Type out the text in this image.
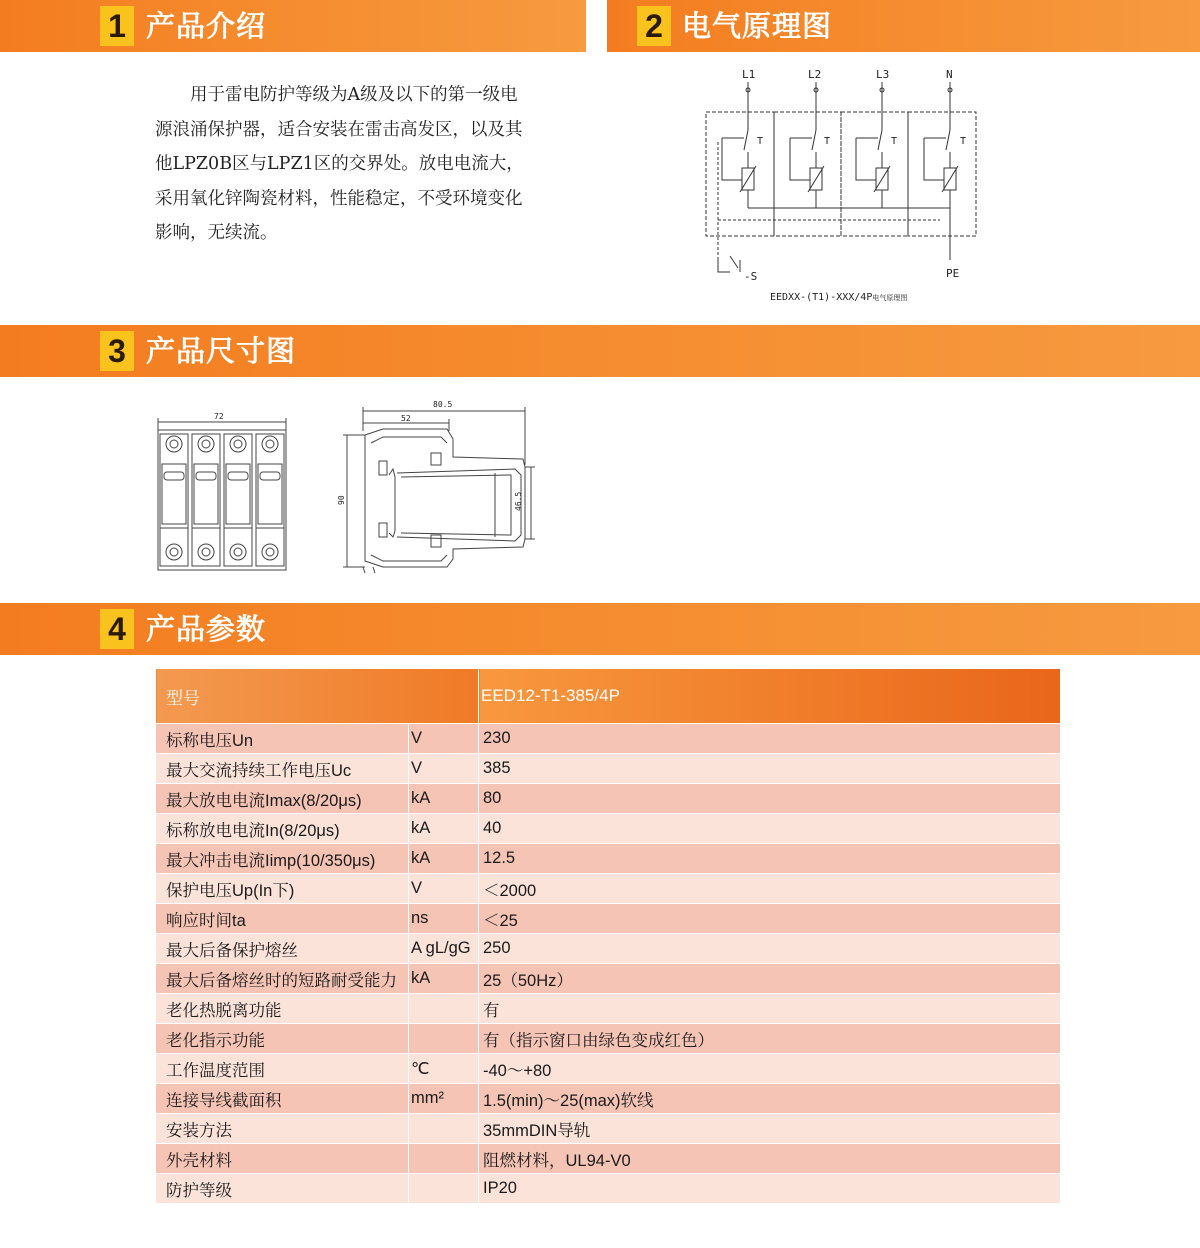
1 产品介绍	2 电气原理图
3 产品尺寸图
4 产品参数
用于雷电防护等级为A级及以下的第一级电源浪涌保护器，适合安装在雷击高发区，以及其他LPZ0B区与LPZ1区的交界处。放电电流大，采用氧化锌陶瓷材料，性能稳定，不受环境变化影响，无续流。
L1	L2	L3	N
T	T	T	T
-S	PE
EEDXX-(T1)-XXX/4P电气原理图
72
80.5
52
90	46.5
型号		EED12-T1-385/4P
标称电压Un	V	230
最大交流持续工作电压Uc	V	385
最大放电电流Imax(8/20μs)	kA	80
标称放电电流In(8/20μs)	kA	40
最大冲击电流Iimp(10/350μs)	kA	12.5
保护电压Up(In下)	V	＜2000
响应时间ta	ns	＜25
最大后备保护熔丝	A gL/gG	250
最大后备熔丝时的短路耐受能力	kA	25（50Hz）
老化热脱离功能		有
老化指示功能		有（指示窗口由绿色变成红色）
工作温度范围	℃	-40～+80
连接导线截面积	mm²	1.5(min)～25(max)软线
安装方法		35mmDIN导轨
外壳材料		阻燃材料，UL94-V0
防护等级		IP20
